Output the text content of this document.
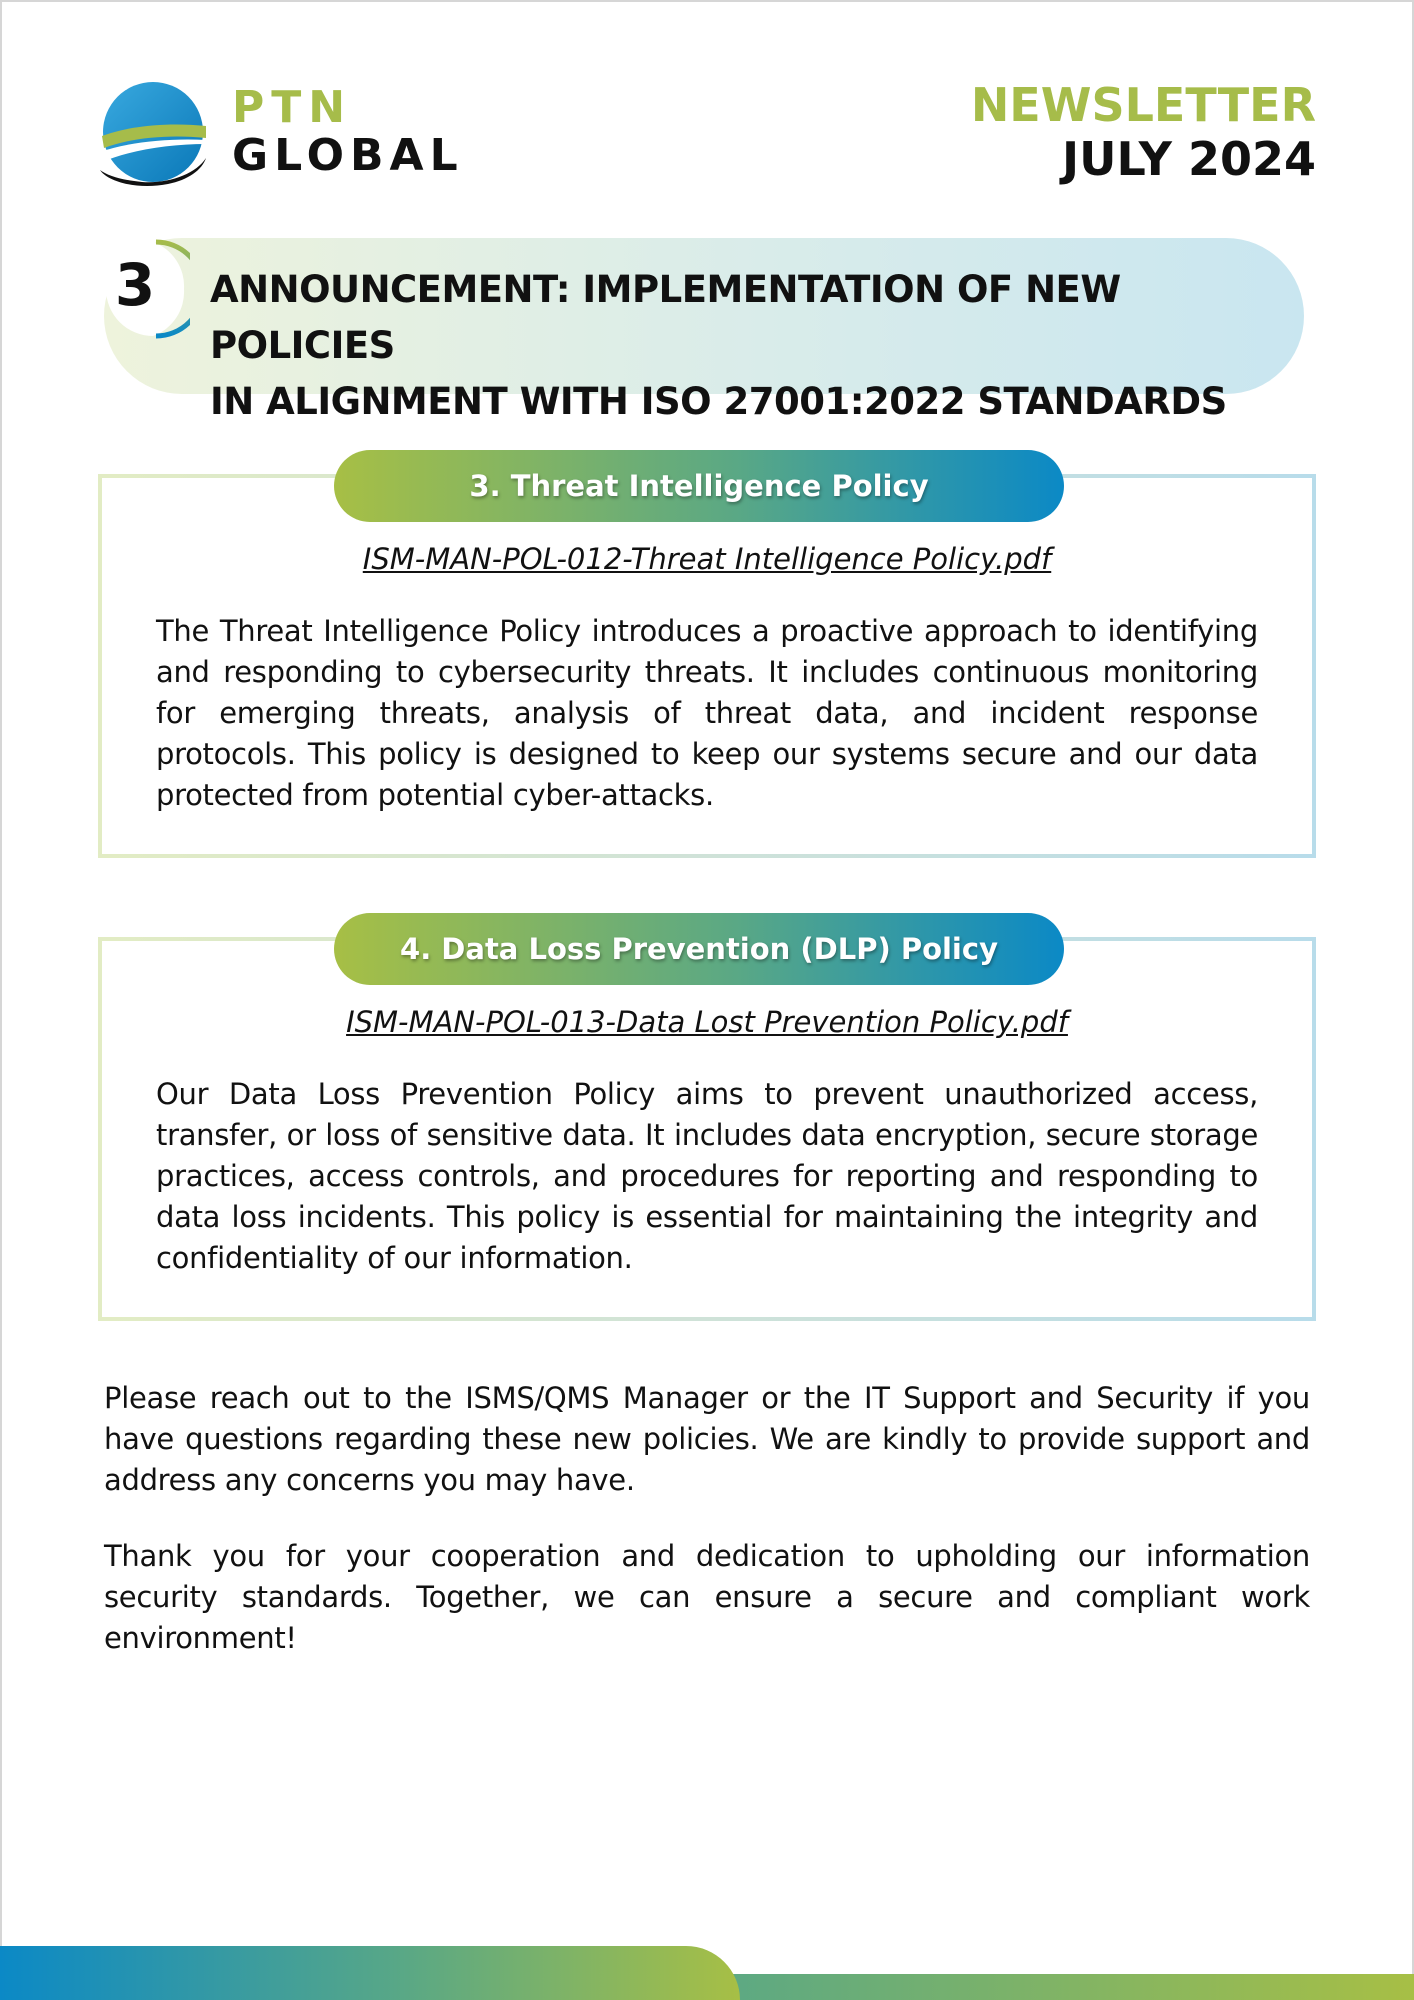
PTN
GLOBAL
NEWSLETTER
JULY 2024
3 ANNOUNCEMENT: IMPLEMENTATION OF NEW POLICIES
IN ALIGNMENT WITH ISO 27001:2022 STANDARDS
3. Threat Intelligence Policy
ISM-MAN-POL-012-Threat Intelligence Policy.pdf
The Threat Intelligence Policy introduces a proactive approach to identifying and responding to cybersecurity threats. It includes continuous monitoring for emerging threats, analysis of threat data, and incident response protocols. This policy is designed to keep our systems secure and our data protected from potential cyber-attacks.
4. Data Loss Prevention (DLP) Policy
ISM-MAN-POL-013-Data Lost Prevention Policy.pdf
Our Data Loss Prevention Policy aims to prevent unauthorized access, transfer, or loss of sensitive data. It includes data encryption, secure storage practices, access controls, and procedures for reporting and responding to data loss incidents. This policy is essential for maintaining the integrity and confidentiality of our information.
Please reach out to the ISMS/QMS Manager or the IT Support and Security if you have questions regarding these new policies. We are kindly to provide support and address any concerns you may have.
Thank you for your cooperation and dedication to upholding our information security standards. Together, we can ensure a secure and compliant work environment!
